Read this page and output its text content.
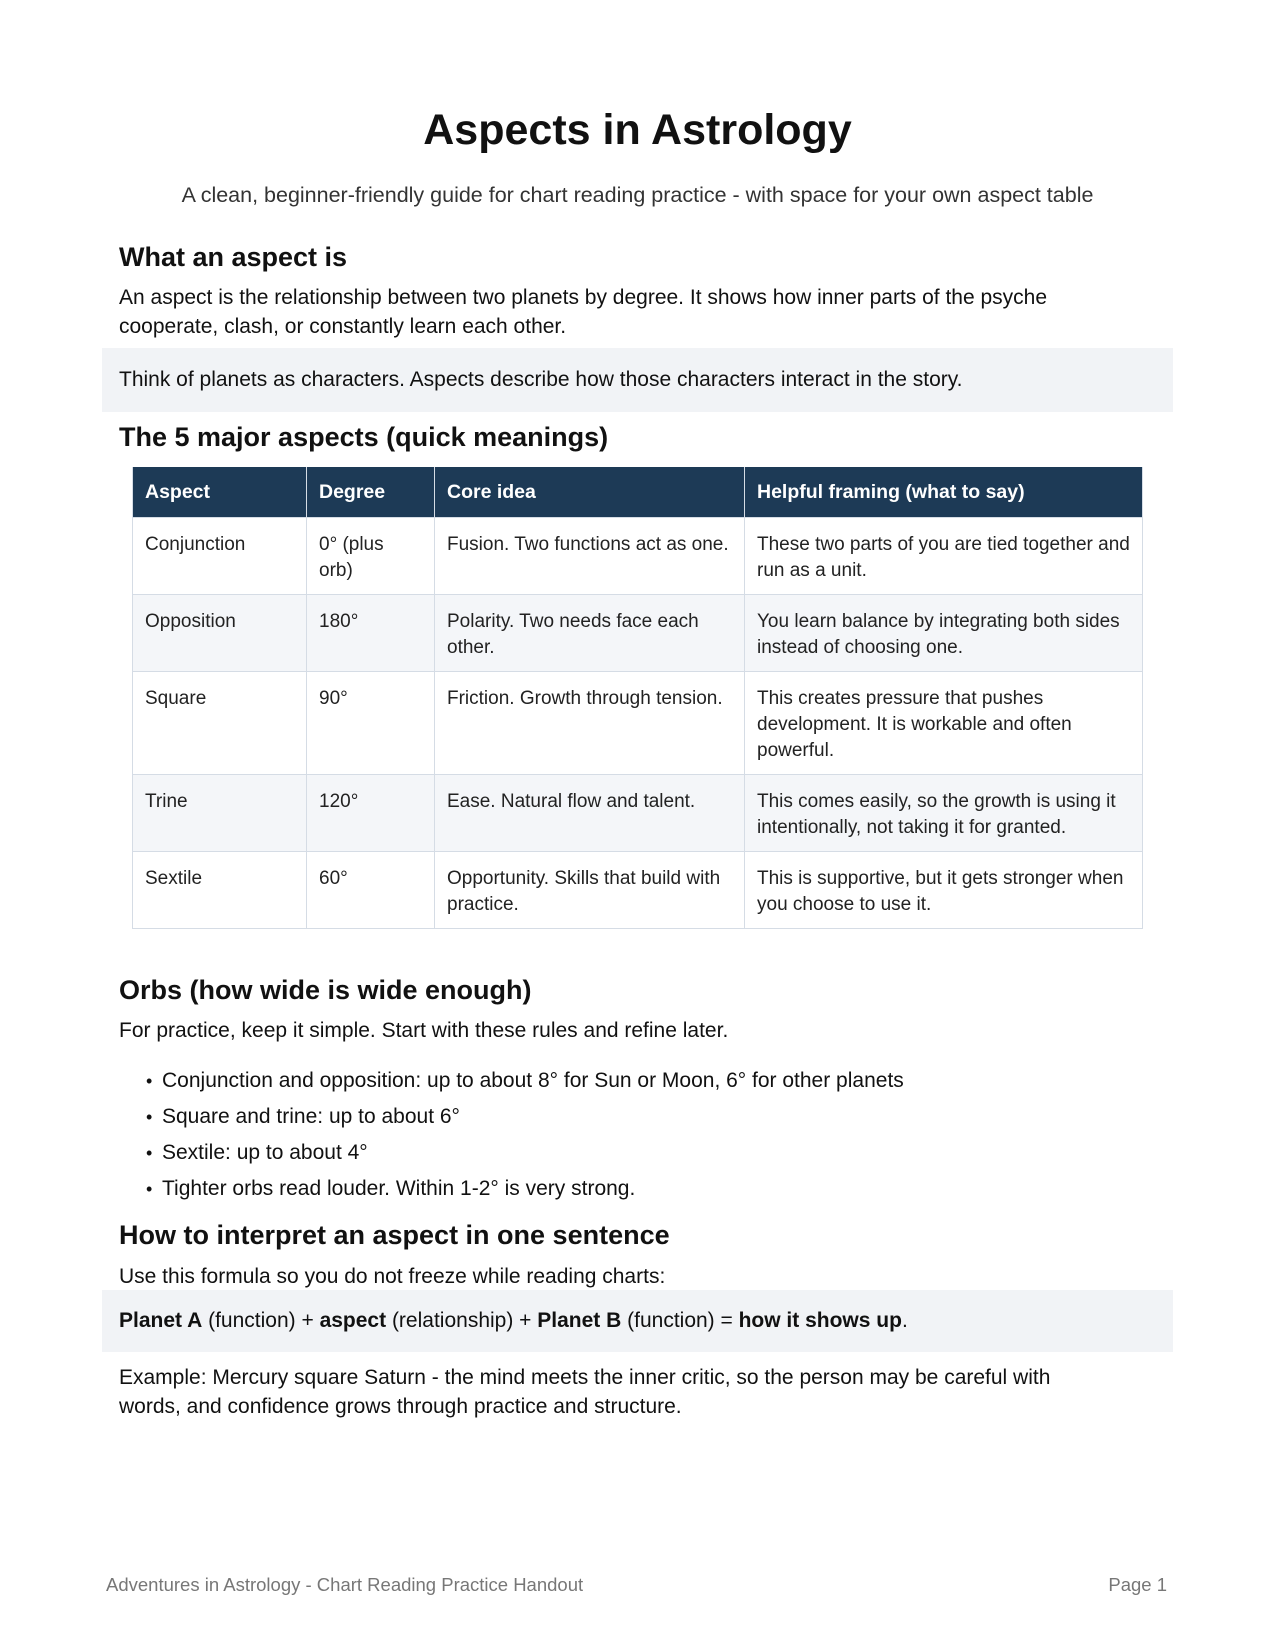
Aspects in Astrology
A clean, beginner-friendly guide for chart reading practice - with space for your own aspect table
What an aspect is
An aspect is the relationship between two planets by degree. It shows how inner parts of the psyche
cooperate, clash, or constantly learn each other.
Think of planets as characters. Aspects describe how those characters interact in the story.
The 5 major aspects (quick meanings)
Aspect	Degree	Core idea	Helpful framing (what to say)
Conjunction	0° (plus orb)	Fusion. Two functions act as one.	These two parts of you are tied together and run as a unit.
Opposition	180°	Polarity. Two needs face each other.	You learn balance by integrating both sides instead of choosing one.
Square	90°	Friction. Growth through tension.	This creates pressure that pushes development. It is workable and often powerful.
Trine	120°	Ease. Natural flow and talent.	This comes easily, so the growth is using it intentionally, not taking it for granted.
Sextile	60°	Opportunity. Skills that build with practice.	This is supportive, but it gets stronger when you choose to use it.
Orbs (how wide is wide enough)
For practice, keep it simple. Start with these rules and refine later.
• Conjunction and opposition: up to about 8° for Sun or Moon, 6° for other planets
• Square and trine: up to about 6°
• Sextile: up to about 4°
• Tighter orbs read louder. Within 1-2° is very strong.
How to interpret an aspect in one sentence
Use this formula so you do not freeze while reading charts:
Planet A (function) + aspect (relationship) + Planet B (function) = how it shows up.
Example: Mercury square Saturn - the mind meets the inner critic, so the person may be careful with
words, and confidence grows through practice and structure.
Adventures in Astrology - Chart Reading Practice Handout	Page 1
